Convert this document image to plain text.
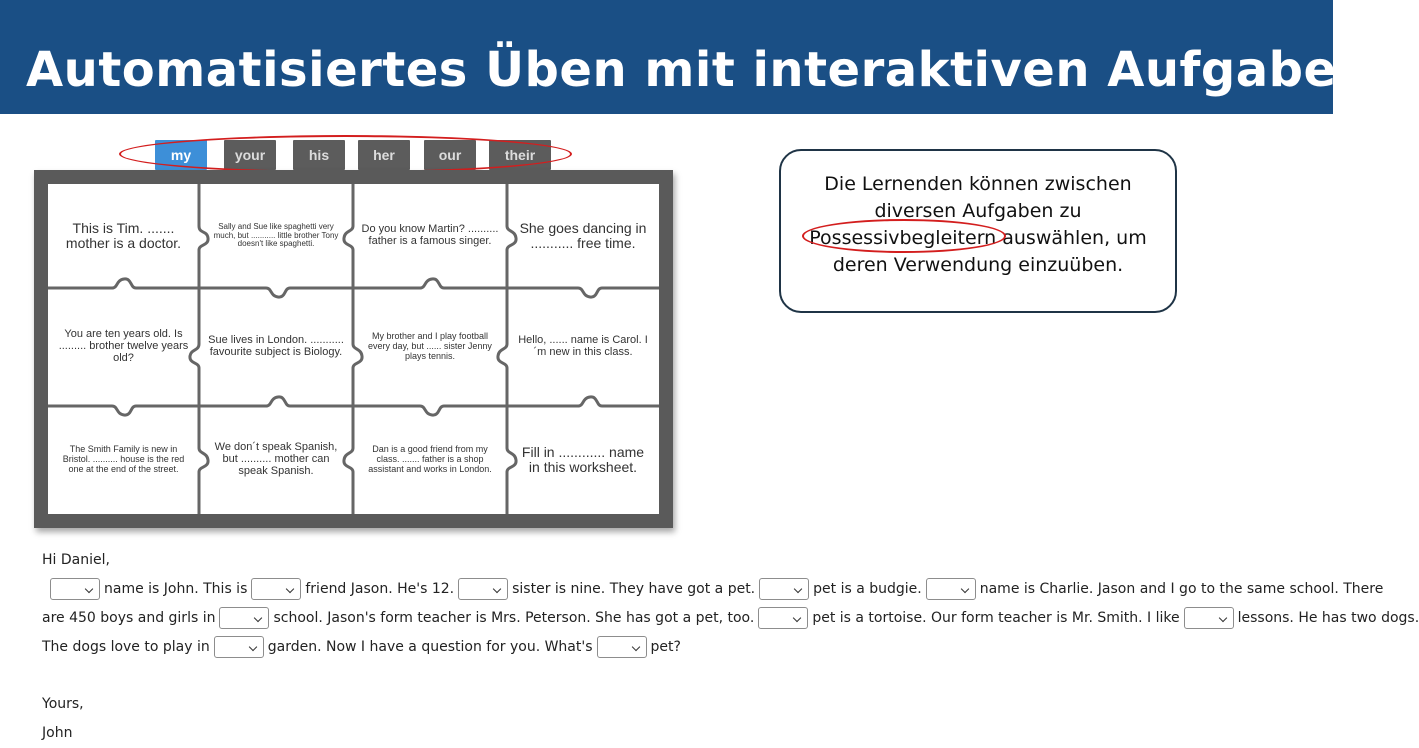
Automatisiertes Üben mit interaktiven Aufgaben
my	your	his	her	our	their
This is Tim. ....... mother is a doctor.
Sally and Sue like spaghetti very much, but ........... little brother Tony doesn't like spaghetti.
Do you know Martin? .......... father is a famous singer.
She goes dancing in ........... free time.
You are ten years old. Is ......... brother twelve years old?
Sue lives in London. ........... favourite subject is Biology.
My brother and I play football every day, but ...... sister Jenny plays tennis.
Hello, ...... name is Carol. I´m new in this class.
The Smith Family is new in Bristol. .......... house is the red one at the end of the street.
We don´t speak Spanish, but .......... mother can speak Spanish.
Dan is a good friend from my class. ....... father is a shop assistant and works in London.
Fill in ............ name in this worksheet.
Die Lernenden können zwischen diversen Aufgaben zu Possessivbegleitern auswählen, um deren Verwendung einzuüben.
Hi Daniel,
name is John. This is	friend Jason. He's 12.	sister is nine. They have got a pet.	pet is a budgie.	name is Charlie. Jason and I go to the same school. There
are 450 boys and girls in	school. Jason's form teacher is Mrs. Peterson. She has got a pet, too.	pet is a tortoise. Our form teacher is Mr. Smith. I like	lessons. He has two dogs.
The dogs love to play in	garden. Now I have a question for you. What's	pet?
Yours,
John
